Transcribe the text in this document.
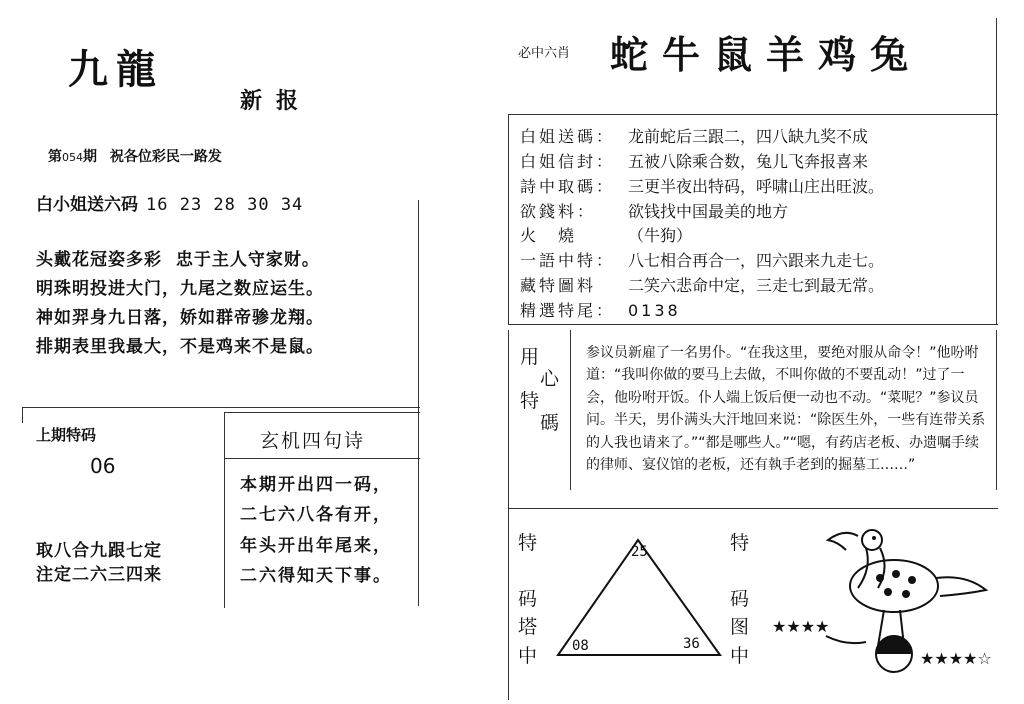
九龍
新报
第054期 祝各位彩民一路发
白小姐送六码 16 23 28 30 34
头戴花冠姿多彩  忠于主人守家财。
明珠明投进大门，九尾之数应运生。
神如羿身九日落，娇如群帝骖龙翔。
排期表里我最大，不是鸡来不是鼠。
上期特码
06
取八合九跟七定
注定二六三四来
玄机四句诗
本期开出四一码，
二七六八各有开，
年头开出年尾来，
二六得知天下事。
必中六肖 蛇牛鼠羊鸡兔
白姐送碼： 龙前蛇后三跟二，四八缺九奖不成
白姐信封： 五被八除乘合数，兔儿飞奔报喜来
詩中取碼： 三更半夜出特码，呼啸山庄出旺波。
欲錢料： 欲钱找中国最美的地方
火　燒	（牛狗）
一語中特： 八七相合再合一，四六跟来九走七。
藏特圖料 二笑六悲命中定，三走七到最无常。
精選特尾： 0138
用
心
特
碼
参议员新雇了一名男仆。“在我这里，要绝对服从命令！”他吩咐道：“我叫你做的要马上去做，不叫你做的不要乱动！”过了一会，他吩咐开饭。仆人端上饭后便一动也不动。“菜呢？”参议员问。半天，男仆满头大汗地回来说：“除医生外，一些有连带关系的人我也请来了。”“都是哪些人。”“嗯，有药店老板、办遗嘱手续的律师、宴仪馆的老板，还有執手老到的掘墓工……”
特
码
塔
中
特
码
图
中
25
08	36
★★★★
★★★★☆
